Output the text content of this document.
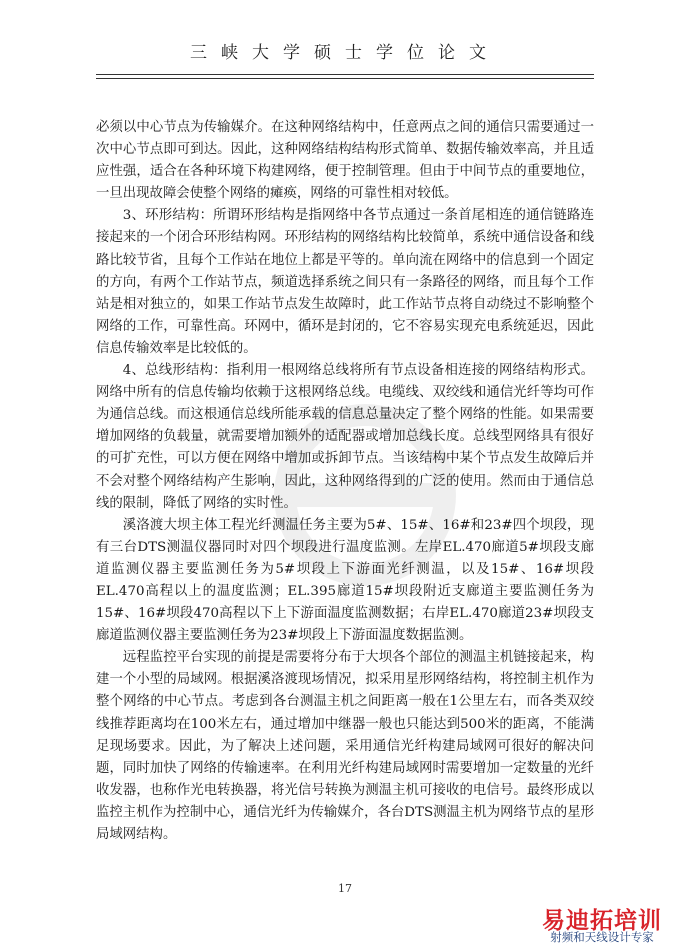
三峡大学硕士学位论文

必须以中心节点为传输媒介。在这种网络结构中，任意两点之间的通信只需要通过一次中心节点即可到达。因此，这种网络结构结构形式简单、数据传输效率高，并且适应性强，适合在各种环境下构建网络，便于控制管理。但由于中间节点的重要地位，一旦出现故障会使整个网络的瘫痪，网络的可靠性相对较低。

3、环形结构：所谓环形结构是指网络中各节点通过一条首尾相连的通信链路连接起来的一个闭合环形结构网。环形结构的网络结构比较简单，系统中通信设备和线路比较节省，且每个工作站在地位上都是平等的。单向流在网络中的信息到一个固定的方向，有两个工作站节点，频道选择系统之间只有一条路径的网络，而且每个工作站是相对独立的，如果工作站节点发生故障时，此工作站节点将自动绕过不影响整个网络的工作，可靠性高。环网中，循环是封闭的，它不容易实现充电系统延迟，因此信息传输效率是比较低的。

4、总线形结构：指利用一根网络总线将所有节点设备相连接的网络结构形式。网络中所有的信息传输均依赖于这根网络总线。电缆线、双绞线和通信光纤等均可作为通信总线。而这根通信总线所能承载的信息总量决定了整个网络的性能。如果需要增加网络的负载量，就需要增加额外的适配器或增加总线长度。总线型网络具有很好的可扩充性，可以方便在网络中增加或拆卸节点。当该结构中某个节点发生故障后并不会对整个网络结构产生影响，因此，这种网络得到的广泛的使用。然而由于通信总线的限制，降低了网络的实时性。

溪洛渡大坝主体工程光纤测温任务主要为5#、15#、16#和23#四个坝段，现有三台DTS测温仪器同时对四个坝段进行温度监测。左岸EL.470廊道5#坝段支廊道监测仪器主要监测任务为5#坝段上下游面光纤测温，以及15#、16#坝段EL.470高程以上的温度监测；EL.395廊道15#坝段附近支廊道主要监测任务为15#、16#坝段470高程以下上下游面温度监测数据；右岸EL.470廊道23#坝段支廊道监测仪器主要监测任务为23#坝段上下游面温度数据监测。

远程监控平台实现的前提是需要将分布于大坝各个部位的测温主机链接起来，构建一个小型的局域网。根据溪洛渡现场情况，拟采用星形网络结构，将控制主机作为整个网络的中心节点。考虑到各台测温主机之间距离一般在1公里左右，而各类双绞线推荐距离均在100米左右，通过增加中继器一般也只能达到500米的距离，不能满足现场要求。因此，为了解决上述问题，采用通信光纤构建局域网可很好的解决问题，同时加快了网络的传输速率。在利用光纤构建局域网时需要增加一定数量的光纤收发器，也称作光电转换器，将光信号转换为测温主机可接收的电信号。最终形成以监控主机作为控制中心，通信光纤为传输媒介，各台DTS测温主机为网络节点的星形局域网结构。

17
易迪拓培训
射频和天线设计专家
